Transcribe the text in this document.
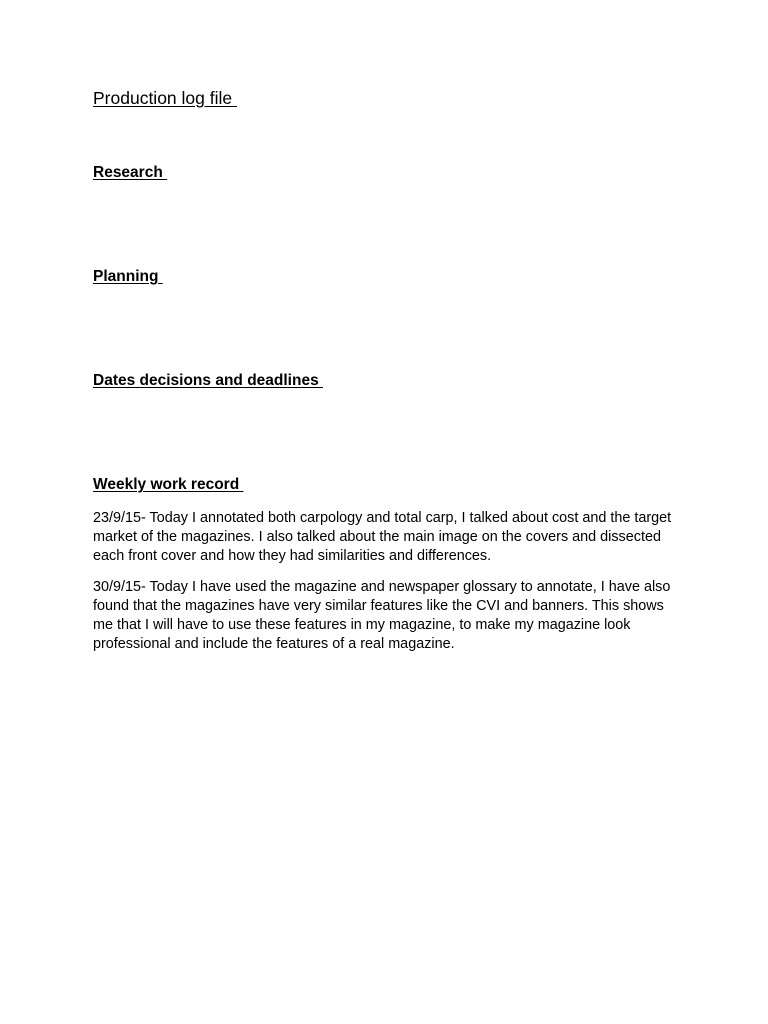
Production log file
Research
Planning
Dates decisions and deadlines
Weekly work record

23/9/15- Today I annotated both carpology and total carp, I talked about cost and the target market of the magazines. I also talked about the main image on the covers and dissected each front cover and how they had similarities and differences.

30/9/15- Today I have used the magazine and newspaper glossary to annotate, I have also found that the magazines have very similar features like the CVI and banners. This shows me that I will have to use these features in my magazine, to make my magazine look professional and include the features of a real magazine.
